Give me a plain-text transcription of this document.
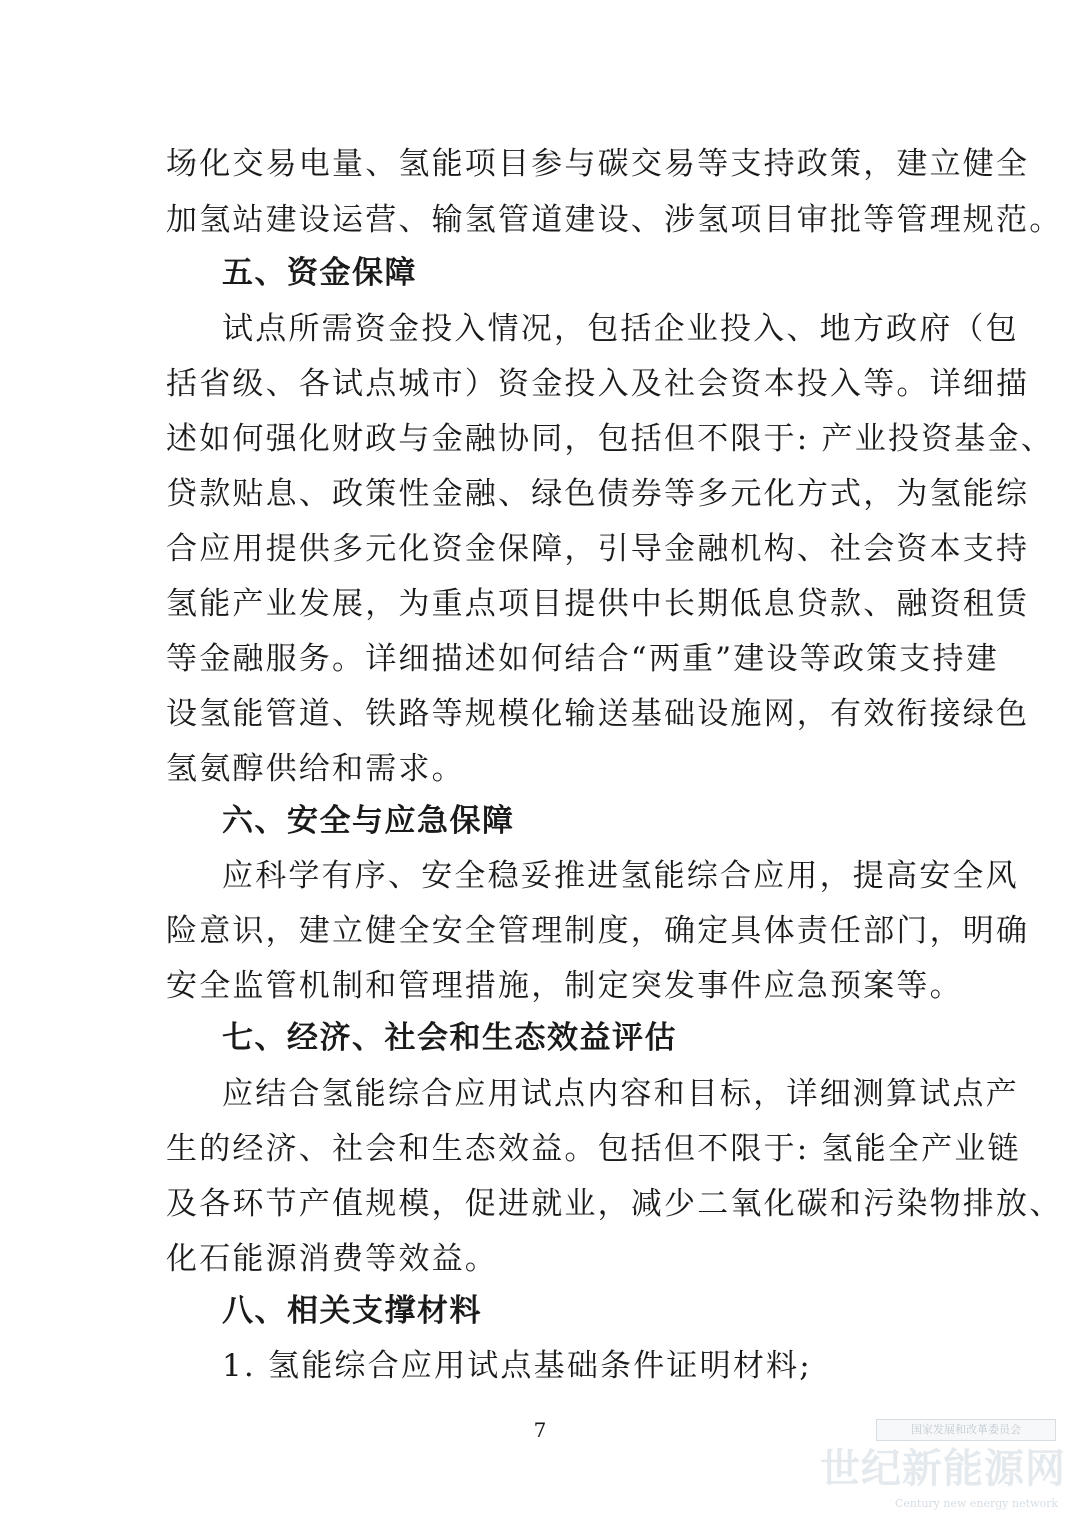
场化交易电量、氢能项目参与碳交易等支持政策，建立健全
加氢站建设运营、输氢管道建设、涉氢项目审批等管理规范。
五、资金保障
试点所需资金投入情况，包括企业投入、地方政府（包
括省级、各试点城市）资金投入及社会资本投入等。详细描
述如何强化财政与金融协同，包括但不限于: 产业投资基金、
贷款贴息、政策性金融、绿色债券等多元化方式，为氢能综
合应用提供多元化资金保障，引导金融机构、社会资本支持
氢能产业发展，为重点项目提供中长期低息贷款、融资租赁
等金融服务。详细描述如何结合“两重”建设等政策支持建
设氢能管道、铁路等规模化输送基础设施网，有效衔接绿色
氢氨醇供给和需求。
六、安全与应急保障
应科学有序、安全稳妥推进氢能综合应用，提高安全风
险意识，建立健全安全管理制度，确定具体责任部门，明确
安全监管机制和管理措施，制定突发事件应急预案等。
七、经济、社会和生态效益评估
应结合氢能综合应用试点内容和目标，详细测算试点产
生的经济、社会和生态效益。包括但不限于: 氢能全产业链
及各环节产值规模，促进就业，减少二氧化碳和污染物排放、
化石能源消费等效益。
八、相关支撑材料
1. 氢能综合应用试点基础条件证明材料;
7	国家发展和改革委员会
世纪新能源网
Century new energy network
